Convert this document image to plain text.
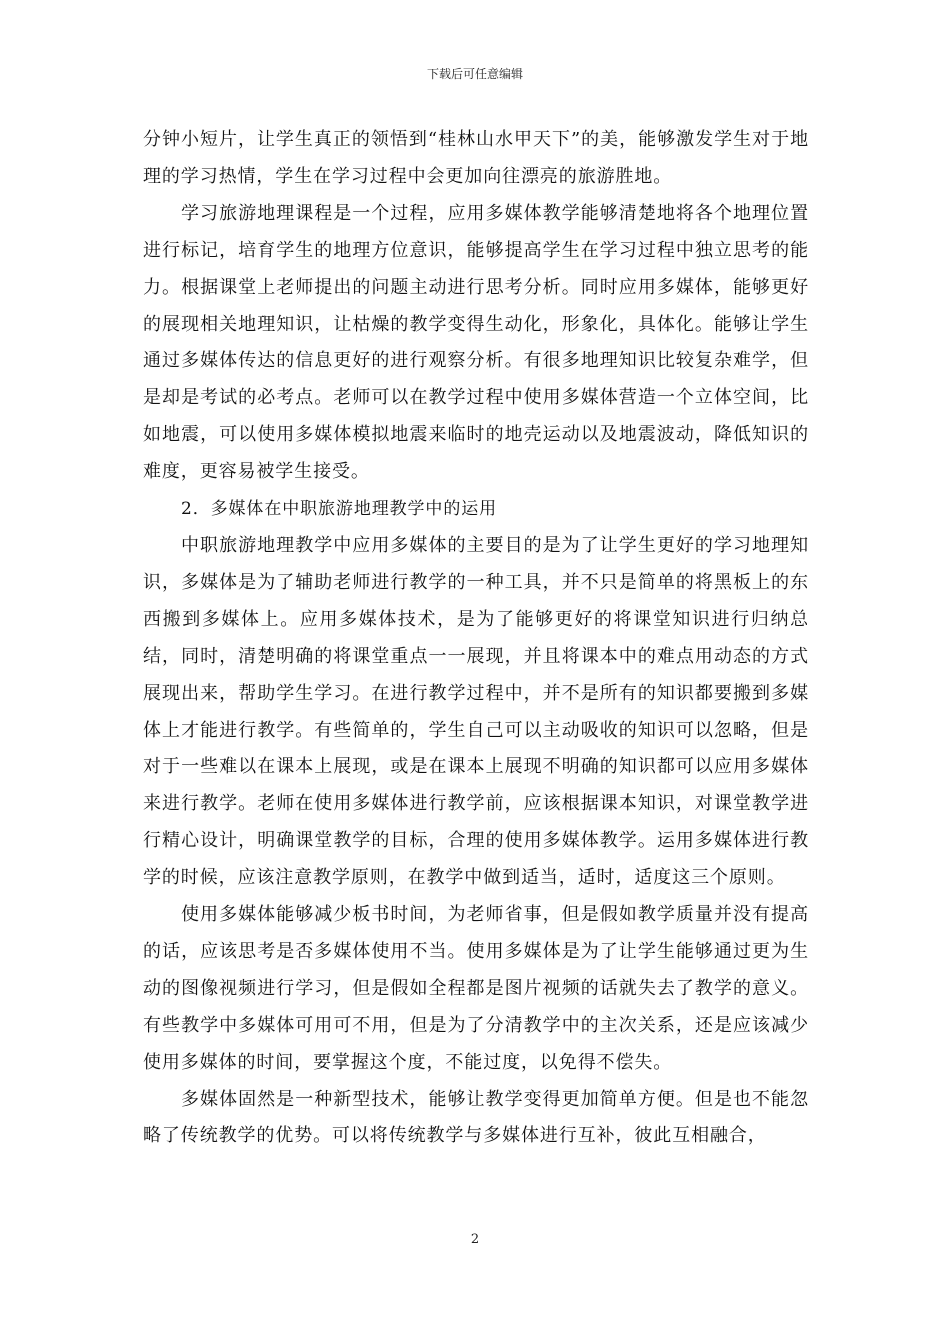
下载后可任意编辑

分钟小短片，让学生真正的领悟到“桂林山水甲天下”的美，能够激发学生对于地理的学习热情，学生在学习过程中会更加向往漂亮的旅游胜地。

学习旅游地理课程是一个过程，应用多媒体教学能够清楚地将各个地理位置进行标记，培育学生的地理方位意识，能够提高学生在学习过程中独立思考的能力。根据课堂上老师提出的问题主动进行思考分析。同时应用多媒体，能够更好的展现相关地理知识，让枯燥的教学变得生动化，形象化，具体化。能够让学生通过多媒体传达的信息更好的进行观察分析。有很多地理知识比较复杂难学，但是却是考试的必考点。老师可以在教学过程中使用多媒体营造一个立体空间，比如地震，可以使用多媒体模拟地震来临时的地壳运动以及地震波动，降低知识的难度，更容易被学生接受。

2．多媒体在中职旅游地理教学中的运用

中职旅游地理教学中应用多媒体的主要目的是为了让学生更好的学习地理知识，多媒体是为了辅助老师进行教学的一种工具，并不只是简单的将黑板上的东西搬到多媒体上。应用多媒体技术，是为了能够更好的将课堂知识进行归纳总结，同时，清楚明确的将课堂重点一一展现，并且将课本中的难点用动态的方式展现出来，帮助学生学习。在进行教学过程中，并不是所有的知识都要搬到多媒体上才能进行教学。有些简单的，学生自己可以主动吸收的知识可以忽略，但是对于一些难以在课本上展现，或是在课本上展现不明确的知识都可以应用多媒体来进行教学。老师在使用多媒体进行教学前，应该根据课本知识，对课堂教学进行精心设计，明确课堂教学的目标，合理的使用多媒体教学。运用多媒体进行教学的时候，应该注意教学原则，在教学中做到适当，适时，适度这三个原则。

使用多媒体能够减少板书时间，为老师省事，但是假如教学质量并没有提高的话，应该思考是否多媒体使用不当。使用多媒体是为了让学生能够通过更为生动的图像视频进行学习，但是假如全程都是图片视频的话就失去了教学的意义。有些教学中多媒体可用可不用，但是为了分清教学中的主次关系，还是应该减少使用多媒体的时间，要掌握这个度，不能过度，以免得不偿失。

多媒体固然是一种新型技术，能够让教学变得更加简单方便。但是也不能忽略了传统教学的优势。可以将传统教学与多媒体进行互补，彼此互相融合，

2
